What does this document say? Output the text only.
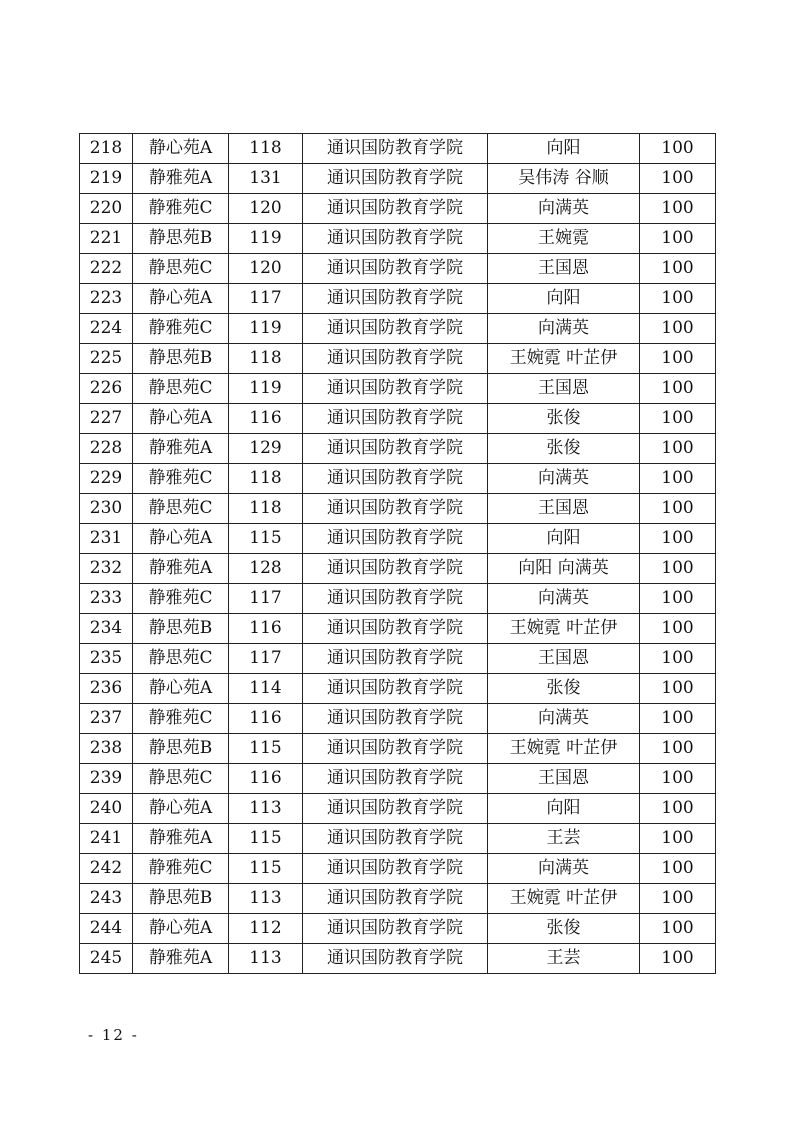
218	静心苑A	118	通识国防教育学院	向阳	100
219	静雅苑A	131	通识国防教育学院	吴伟涛 谷顺	100
220	静雅苑C	120	通识国防教育学院	向满英	100
221	静思苑B	119	通识国防教育学院	王婉霓	100
222	静思苑C	120	通识国防教育学院	王国恩	100
223	静心苑A	117	通识国防教育学院	向阳	100
224	静雅苑C	119	通识国防教育学院	向满英	100
225	静思苑B	118	通识国防教育学院	王婉霓 叶芷伊	100
226	静思苑C	119	通识国防教育学院	王国恩	100
227	静心苑A	116	通识国防教育学院	张俊	100
228	静雅苑A	129	通识国防教育学院	张俊	100
229	静雅苑C	118	通识国防教育学院	向满英	100
230	静思苑C	118	通识国防教育学院	王国恩	100
231	静心苑A	115	通识国防教育学院	向阳	100
232	静雅苑A	128	通识国防教育学院	向阳 向满英	100
233	静雅苑C	117	通识国防教育学院	向满英	100
234	静思苑B	116	通识国防教育学院	王婉霓 叶芷伊	100
235	静思苑C	117	通识国防教育学院	王国恩	100
236	静心苑A	114	通识国防教育学院	张俊	100
237	静雅苑C	116	通识国防教育学院	向满英	100
238	静思苑B	115	通识国防教育学院	王婉霓 叶芷伊	100
239	静思苑C	116	通识国防教育学院	王国恩	100
240	静心苑A	113	通识国防教育学院	向阳	100
241	静雅苑A	115	通识国防教育学院	王芸	100
242	静雅苑C	115	通识国防教育学院	向满英	100
243	静思苑B	113	通识国防教育学院	王婉霓 叶芷伊	100
244	静心苑A	112	通识国防教育学院	张俊	100
245	静雅苑A	113	通识国防教育学院	王芸	100
- 12 -
